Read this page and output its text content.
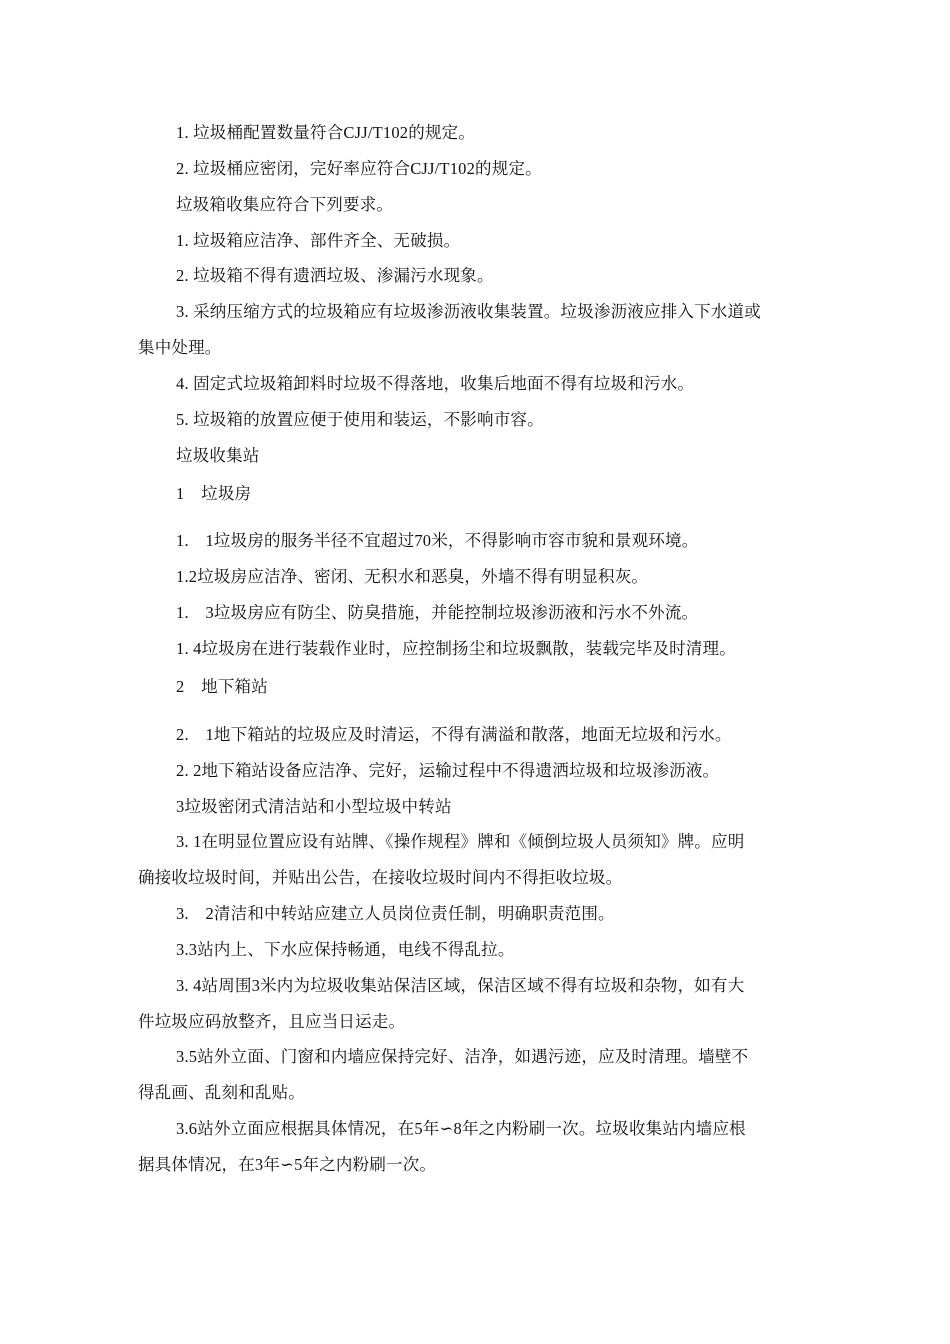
1. 垃圾桶配置数量符合CJJ/T102的规定。
2. 垃圾桶应密闭，完好率应符合CJJ/T102的规定。
垃圾箱收集应符合下列要求。
1. 垃圾箱应洁净、部件齐全、无破损。
2. 垃圾箱不得有遗洒垃圾、渗漏污水现象。
3. 采纳压缩方式的垃圾箱应有垃圾渗沥液收集装置。垃圾渗沥液应排入下水道或
集中处理。
4. 固定式垃圾箱卸料时垃圾不得落地，收集后地面不得有垃圾和污水。
5. 垃圾箱的放置应便于使用和装运，不影响市容。
垃圾收集站
1　垃圾房
1.　1垃圾房的服务半径不宜超过70米，不得影响市容市貌和景观环境。
1.2垃圾房应洁净、密闭、无积水和恶臭，外墙不得有明显积灰。
1.　3垃圾房应有防尘、防臭措施，并能控制垃圾渗沥液和污水不外流。
1. 4垃圾房在进行装载作业时，应控制扬尘和垃圾飘散，装载完毕及时清理。
2　地下箱站
2.　1地下箱站的垃圾应及时清运，不得有满溢和散落，地面无垃圾和污水。
2. 2地下箱站设备应洁净、完好，运输过程中不得遗洒垃圾和垃圾渗沥液。
3垃圾密闭式清洁站和小型垃圾中转站
3. 1在明显位置应设有站牌、《操作规程》牌和《倾倒垃圾人员须知》牌。应明
确接收垃圾时间，并贴出公告，在接收垃圾时间内不得拒收垃圾。
3.　2清洁和中转站应建立人员岗位责任制，明确职责范围。
3.3站内上、下水应保持畅通，电线不得乱拉。
3. 4站周围3米内为垃圾收集站保洁区域，保洁区域不得有垃圾和杂物，如有大
件垃圾应码放整齐，且应当日运走。
3.5站外立面、门窗和内墙应保持完好、洁净，如遇污迹，应及时清理。墙壁不
得乱画、乱刻和乱贴。
3.6站外立面应根据具体情况，在5年∽8年之内粉刷一次。垃圾收集站内墙应根
据具体情况，在3年∽5年之内粉刷一次。
